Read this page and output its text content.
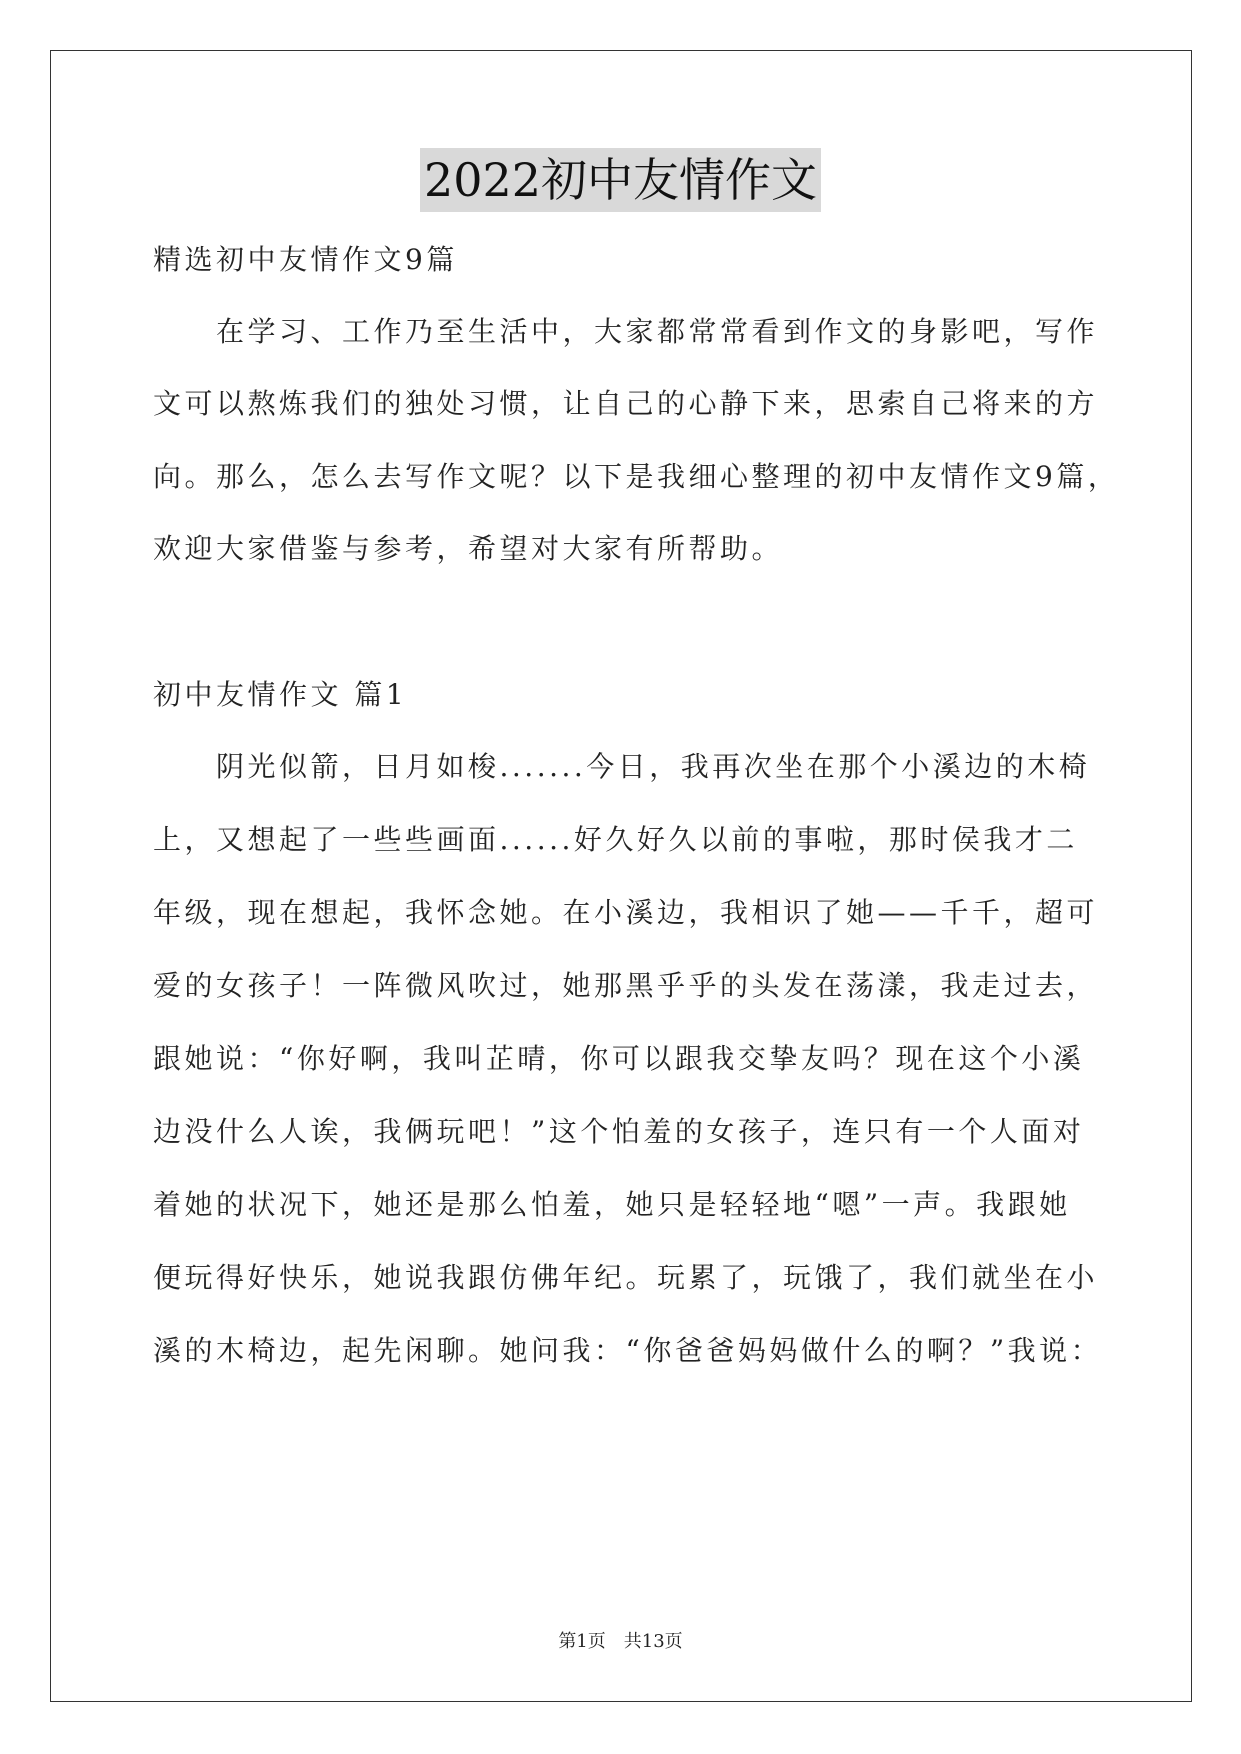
2022初中友情作文
精选初中友情作文9篇
在学习、工作乃至生活中，大家都常常看到作文的身影吧，写作
文可以熬炼我们的独处习惯，让自己的心静下来，思索自己将来的方
向。那么，怎么去写作文呢？以下是我细心整理的初中友情作文9篇，
欢迎大家借鉴与参考，希望对大家有所帮助。
初中友情作文 篇1
阴光似箭，日月如梭.......今日，我再次坐在那个小溪边的木椅
上，又想起了一些些画面......好久好久以前的事啦，那时侯我才二
年级，现在想起，我怀念她。在小溪边，我相识了她——千千，超可
爱的女孩子！一阵微风吹过，她那黑乎乎的头发在荡漾，我走过去，
跟她说：“你好啊，我叫芷晴，你可以跟我交挚友吗？现在这个小溪
边没什么人诶，我俩玩吧！”这个怕羞的女孩子，连只有一个人面对
着她的状况下，她还是那么怕羞，她只是轻轻地“嗯”一声。我跟她
便玩得好快乐，她说我跟仿佛年纪。玩累了，玩饿了，我们就坐在小
溪的木椅边，起先闲聊。她问我：“你爸爸妈妈做什么的啊？”我说：
第1页　共13页
